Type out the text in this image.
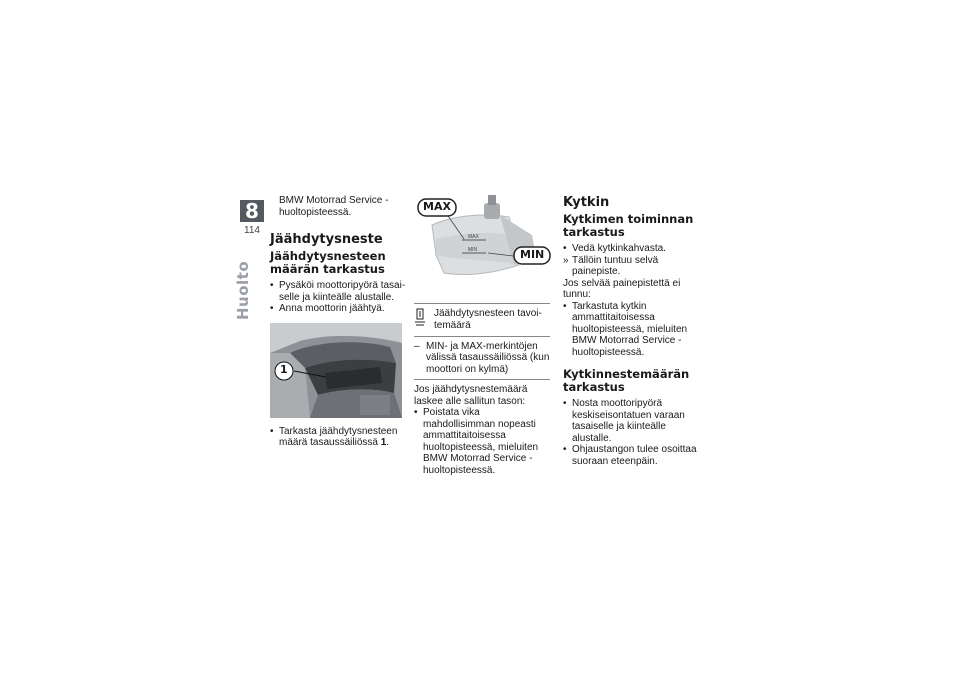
8
114
Huolto

BMW Motorrad Service -huoltopisteessä.

Jäähdytysneste
Jäähdytysnesteen määrän tarkastus
• Pysäköi moottoripyörä tasaiselle ja kiinteälle alustalle.
• Anna moottorin jäähtyä.
1
• Tarkasta jäähdytysnesteen määrä tasaussäiliössä 1.
MAX
MIN
MAX
MIN
Jäähdytysnesteen tavoitemäärä
– MIN- ja MAX-merkintöjen välissä tasaussäiliössä (kun moottori on kylmä)

Jos jäähdytysnestemäärä laskee alle sallitun tason:

• Poistata vika mahdollisimman nopeasti ammattitaitoisessa huoltopisteessä, mieluiten BMW Motorrad Service -huoltopisteessä.
Kytkin
Kytkimen toiminnan tarkastus
• Vedä kytkinkahvasta.
» Tällöin tuntuu selvä painepiste.

Jos selvää painepistettä ei tunnu:

• Tarkastuta kytkin ammattitaitoisessa huoltopisteessä, mieluiten BMW Motorrad Service -huoltopisteessä.
Kytkinnestemäärän tarkastus
• Nosta moottoripyörä keskiseisontatuen varaan tasaiselle ja kiinteälle alustalle.
• Ohjaustangon tulee osoittaa suoraan eteenpäin.
